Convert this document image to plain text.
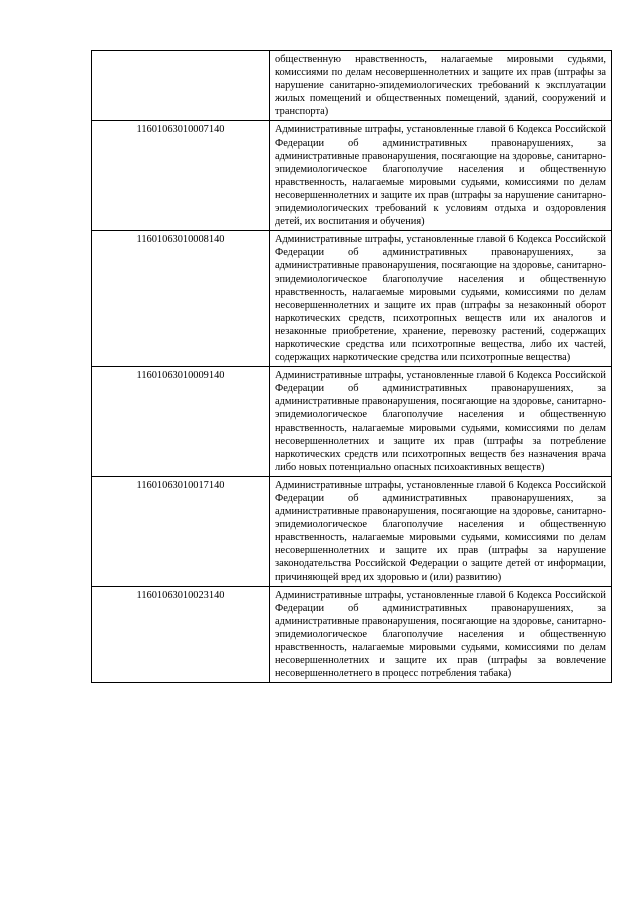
	общественную нравственность, налагаемые мировыми судьями, комиссиями по делам несовершеннолетних и защите их прав (штрафы за нарушение санитарно-эпидемиологических требований к эксплуатации жилых помещений и общественных помещений, зданий, сооружений и транспорта)
11601063010007140	Административные штрафы, установленные главой 6 Кодекса Российской Федерации об административных правонарушениях, за административные правонарушения, посягающие на здоровье, санитарно-эпидемиологическое благополучие населения и общественную нравственность, налагаемые мировыми судьями, комиссиями по делам несовершеннолетних и защите их прав (штрафы за нарушение санитарно-эпидемиологических требований к условиям отдыха и оздоровления детей, их воспитания и обучения)
11601063010008140	Административные штрафы, установленные главой 6 Кодекса Российской Федерации об административных правонарушениях, за административные правонарушения, посягающие на здоровье, санитарно-эпидемиологическое благополучие населения и общественную нравственность, налагаемые мировыми судьями, комиссиями по делам несовершеннолетних и защите их прав (штрафы за незаконный оборот наркотических средств, психотропных веществ или их аналогов и незаконные приобретение, хранение, перевозку растений, содержащих наркотические средства или психотропные вещества, либо их частей, содержащих наркотические средства или психотропные вещества)
11601063010009140	Административные штрафы, установленные главой 6 Кодекса Российской Федерации об административных правонарушениях, за административные правонарушения, посягающие на здоровье, санитарно-эпидемиологическое благополучие населения и общественную нравственность, налагаемые мировыми судьями, комиссиями по делам несовершеннолетних и защите их прав (штрафы за потребление наркотических средств или психотропных веществ без назначения врача либо новых потенциально опасных психоактивных веществ)
11601063010017140	Административные штрафы, установленные главой 6 Кодекса Российской Федерации об административных правонарушениях, за административные правонарушения, посягающие на здоровье, санитарно-эпидемиологическое благополучие населения и общественную нравственность, налагаемые мировыми судьями, комиссиями по делам несовершеннолетних и защите их прав (штрафы за нарушение законодательства Российской Федерации о защите детей от информации, причиняющей вред их здоровью и (или) развитию)
11601063010023140	Административные штрафы, установленные главой 6 Кодекса Российской Федерации об административных правонарушениях, за административные правонарушения, посягающие на здоровье, санитарно-эпидемиологическое благополучие населения и общественную нравственность, налагаемые мировыми судьями, комиссиями по делам несовершеннолетних и защите их прав (штрафы за вовлечение несовершеннолетнего в процесс потребления табака)
